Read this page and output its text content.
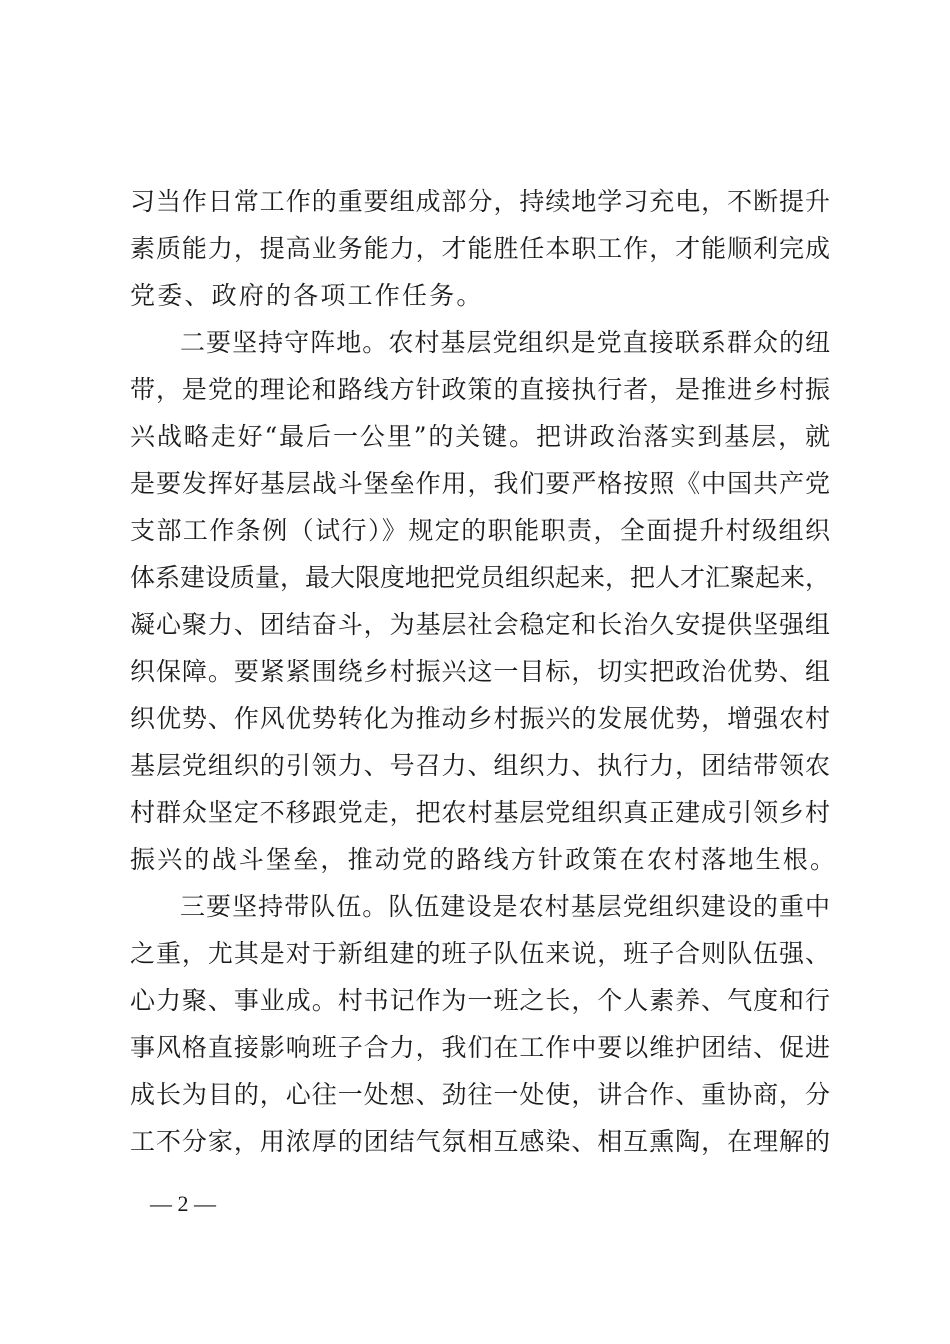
习当作日常工作的重要组成部分，持续地学习充电，不断提升
素质能力，提高业务能力，才能胜任本职工作，才能顺利完成
党委、政府的各项工作任务。
二要坚持守阵地。农村基层党组织是党直接联系群众的纽
带，是党的理论和路线方针政策的直接执行者，是推进乡村振
兴战略走好“最后一公里”的关键。把讲政治落实到基层，就
是要发挥好基层战斗堡垒作用，我们要严格按照《中国共产党
支部工作条例（试行）》规定的职能职责，全面提升村级组织
体系建设质量，最大限度地把党员组织起来，把人才汇聚起来，
凝心聚力、团结奋斗，为基层社会稳定和长治久安提供坚强组
织保障。要紧紧围绕乡村振兴这一目标，切实把政治优势、组
织优势、作风优势转化为推动乡村振兴的发展优势，增强农村
基层党组织的引领力、号召力、组织力、执行力，团结带领农
村群众坚定不移跟党走，把农村基层党组织真正建成引领乡村
振兴的战斗堡垒，推动党的路线方针政策在农村落地生根。
三要坚持带队伍。队伍建设是农村基层党组织建设的重中
之重，尤其是对于新组建的班子队伍来说，班子合则队伍强、
心力聚、事业成。村书记作为一班之长，个人素养、气度和行
事风格直接影响班子合力，我们在工作中要以维护团结、促进
成长为目的，心往一处想、劲往一处使，讲合作、重协商，分
工不分家，用浓厚的团结气氛相互感染、相互熏陶，在理解的
— 2 —
